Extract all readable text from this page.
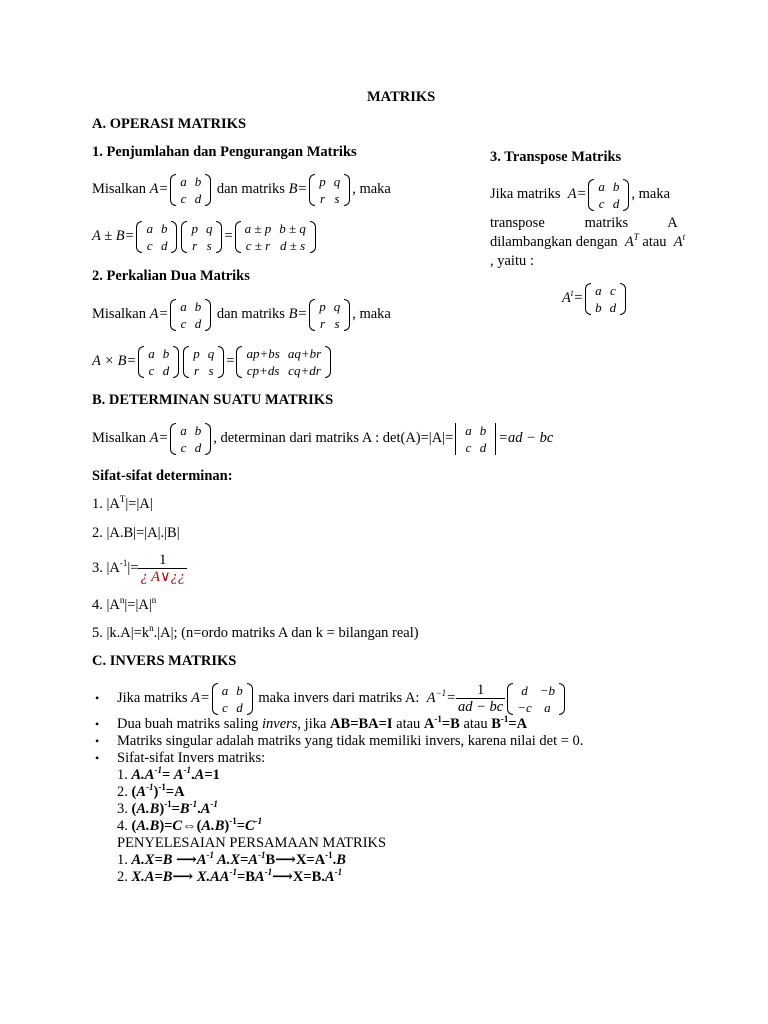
MATRIKS
A. OPERASI MATRIKS
1. Penjumlahan dan Pengurangan Matriks
Misalkan A= a	b
c	d
dan matriks B= p	q
r	s
, maka
A ± B= a	b
c	d
p	q
r	s
= a ± p	b ± q
c ± r	d ± s
2. Perkalian Dua Matriks
Misalkan A= a	b
c	d
dan matriks B= p	q
r	s
, maka
A × B= a	b
c	d
p	q
r	s
= ap+bs	aq+br
cp+ds	cq+dr
3. Transpose Matriks
Jika matriks  A= a	b
c	d
, maka
transpose           matriks           A
dilambangkan dengan  $A^T$ atau  $A^t$
, yaitu :
$A^t= a$	c
b	d
B. DETERMINAN SUATU MATRIKS
Misalkan A= a	b
c	d
, determinan dari matriks A : det(A)=|A|= a	b
c	d
=ad − bc
Sifat-sifat determinan:
1. $|A^T|=|A|$
2. |A.B|=|A|.|B|
3. $|A^{-1}|= \frac{1}{¿ A\vee¿¿}$
4. $|A^n|=|A|^n$
5. $|k.A|=k^n.|A|$; (n=ordo matriks A dan k = bilangan real)
C. INVERS MATRIKS
• Jika matriks A= a	b
c	d
maka invers dari matriks A:  $A^{-1}= \frac{1}{ad - bc}$ d	−b
−c	a
• Dua buah matriks saling invers, jika AB=BA=I atau $A^{-1}=B$ atau $B^{-1}=A$
• Matriks singular adalah matriks yang tidak memiliki invers, karena nilai det = 0.
• Sifat-sifat Invers matriks:
1. $A.A^{-1}= A^{-1}.A=1$
2. $(A^{-1})^{-1}=A$
3. $(A.B)^{-1}=B^{-1}.A^{-1}$
4. $(A.B)=C\Leftrightarrow(A.B)^{-1}=C^{-1}$
PENYELESAIAN PERSAMAAN MATRIKS
1. A.X=B $⟶A^{-1}$ $A.X=A^{-1}B⟶X=A^{-1}.B$
2. X.A=B⟶ $X.AA^{-1}=BA^{-1}⟶X=B.A^{-1}$
